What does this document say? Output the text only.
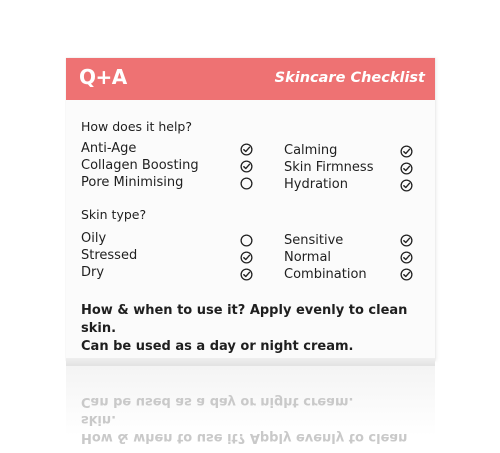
Q+A	Skincare Checklist
How does it help?
Anti-Age
Collagen Boosting
Pore Minimising
Calming
Skin Firmness
Hydration
Skin type?
Oily
Stressed
Dry
Sensitive
Normal
Combination
How & when to use it? Apply evenly to clean skin.
Can be used as a day or night cream.
How & when to use it? Apply evenly to clean skin.
Can be used as a day or night cream.
